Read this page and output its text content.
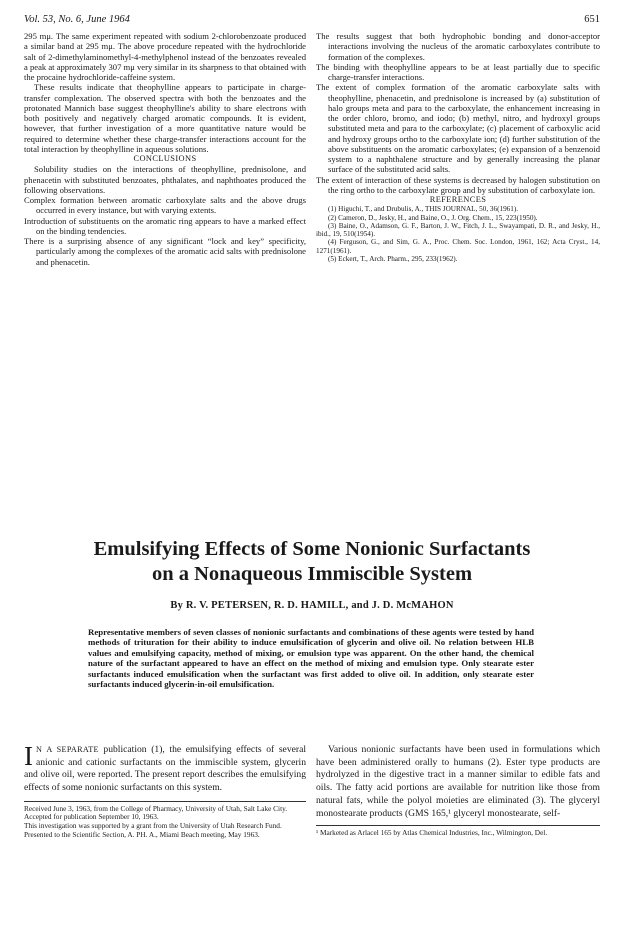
Vol. 53, No. 6, June 1964	651

295 mμ. The same experiment repeated with sodium 2-chlorobenzoate produced a similar band at 295 mμ. The above procedure repeated with the hydrochloride salt of 2-dimethylaminomethyl-4-methylphenol instead of the benzoates revealed a peak at approximately 307 mμ very similar in its sharpness to that obtained with the procaine hydrochloride-caffeine system.

These results indicate that theophylline appears to participate in charge-transfer complexation. The observed spectra with both the benzoates and the protonated Mannich base suggest theophylline's ability to share electrons with both positively and negatively charged aromatic compounds. It is evident, however, that further investigation of a more quantitative nature would be required to determine whether these charge-transfer interactions account for the total interaction by theophylline in aqueous solutions.

CONCLUSIONS

Solubility studies on the interactions of theophylline, prednisolone, and phenacetin with substituted benzoates, phthalates, and naphthoates produced the following observations.

Complex formation between aromatic carboxylate salts and the above drugs occurred in every instance, but with varying extents.

Introduction of substituents on the aromatic ring appears to have a marked effect on the binding tendencies.

There is a surprising absence of any significant “lock and key” specificity, particularly among the complexes of the aromatic acid salts with prednisolone and phenacetin.

The results suggest that both hydrophobic bonding and donor-acceptor interactions involving the nucleus of the aromatic carboxylates contribute to formation of the complexes.

The binding with theophylline appears to be at least partially due to specific charge-transfer interactions.

The extent of complex formation of the aromatic carboxylate salts with theophylline, phenacetin, and prednisolone is increased by (a) substitution of halo groups meta and para to the carboxylate, the enhancement increasing in the order chloro, bromo, and iodo; (b) methyl, nitro, and hydroxyl groups substituted meta and para to the carboxylate; (c) placement of carboxylic acid and hydroxy groups ortho to the carboxylate ion; (d) further substitution of the above substituents on the aromatic carboxylates; (e) expansion of a benzenoid system to a naphthalene structure and by generally increasing the planar surface of the substituted acid salts.

The extent of interaction of these systems is decreased by halogen substitution on the ring ortho to the carboxylate group and by substitution of carboxylate ion.

REFERENCES

(1) Higuchi, T., and Drubulis, A., THIS JOURNAL, 50, 36(1961).

(2) Cameron, D., Jesky, H., and Baine, O., J. Org. Chem., 15, 223(1950).

(3) Baine, O., Adamson, G. F., Barton, J. W., Fitch, J. L., Swayampati, D. R., and Jesky, H., ibid., 19, 510(1954).

(4) Ferguson, G., and Sim, G. A., Proc. Chem. Soc. London, 1961, 162; Acta Cryst., 14, 1271(1961).

(5) Eckert, T., Arch. Pharm., 295, 233(1962).

Emulsifying Effects of Some Nonionic Surfactants
on a Nonaqueous Immiscible System
By R. V. PETERSEN, R. D. HAMILL, and J. D. McMAHON
Representative members of seven classes of nonionic surfactants and combinations of these agents were tested by hand methods of trituration for their ability to induce emulsification of glycerin and olive oil. No relation between HLB values and emulsifying capacity, method of mixing, or emulsion type was apparent. On the other hand, the chemical nature of the surfactant appeared to have an effect on the method of mixing and emulsion type. Only stearate ester surfactants induced emulsification when the surfactant was first added to olive oil. In addition, only stearate ester surfactants induced glycerin-in-oil emulsification.

I N A SEPARATE publication (1), the emulsifying effects of several anionic and cationic surfactants on the immiscible system, glycerin and olive oil, were reported. The present report describes the emulsifying effects of some nonionic surfactants on this system.

Received June 3, 1963, from the College of Pharmacy, University of Utah, Salt Lake City.

Accepted for publication September 10, 1963.

This investigation was supported by a grant from the University of Utah Research Fund.

Presented to the Scientific Section, A. PH. A., Miami Beach meeting, May 1963.

Various nonionic surfactants have been used in formulations which have been administered orally to humans (2). Ester type products are hydrolyzed in the digestive tract in a manner similar to edible fats and oils. The fatty acid portions are available for nutrition like those from natural fats, while the polyol moieties are eliminated (3). The glyceryl monostearate products (GMS 165,¹ glyceryl monostearate, self-

¹ Marketed as Arlacel 165 by Atlas Chemical Industries, Inc., Wilmington, Del.
